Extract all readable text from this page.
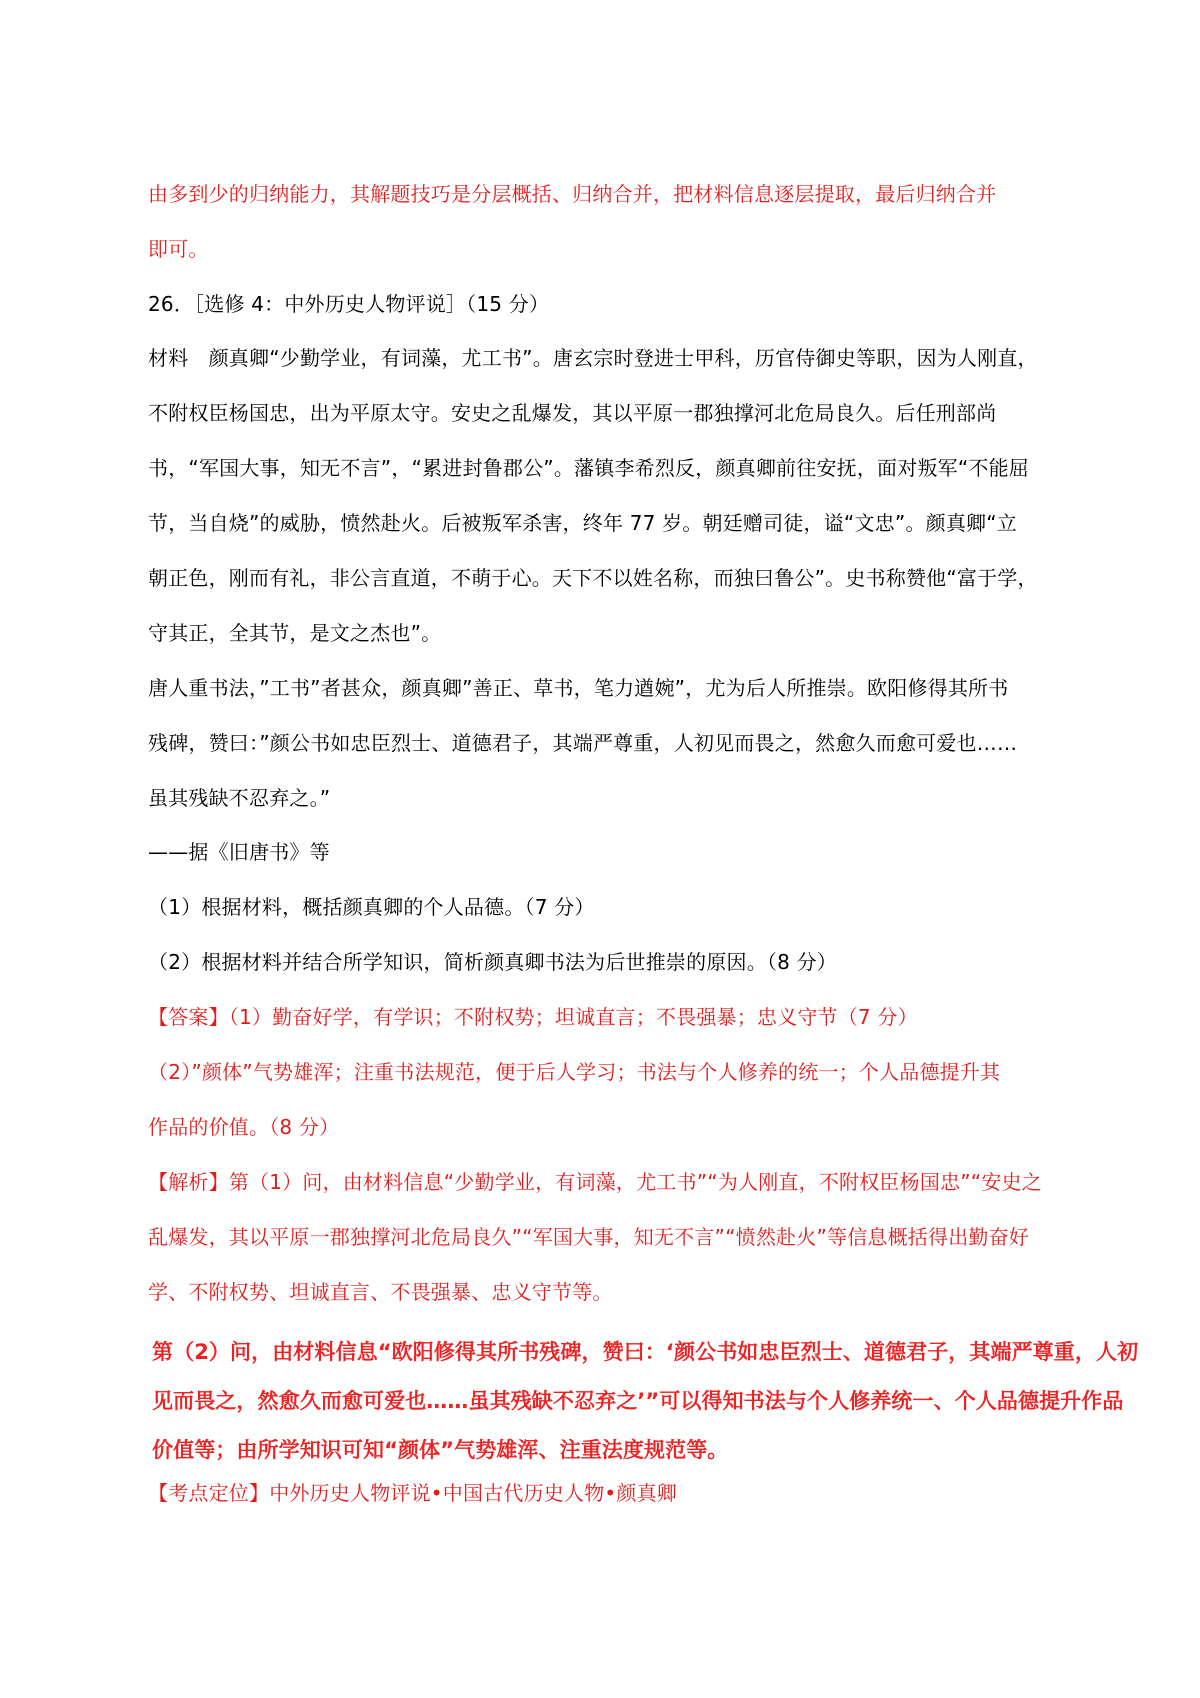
由多到少的归纳能力，其解题技巧是分层概括、归纳合并，把材料信息逐层提取，最后归纳合并
即可。
26．［选修 4：中外历史人物评说］（15 分）
材料　颜真卿“少勤学业，有词藻，尤工书”。唐玄宗时登进士甲科，历官侍御史等职，因为人刚直，
不附权臣杨国忠，出为平原太守。安史之乱爆发，其以平原一郡独撑河北危局良久。后任刑部尚
书，“军国大事，知无不言”，“累进封鲁郡公”。藩镇李希烈反，颜真卿前往安抚，面对叛军“不能屈
节，当自烧”的威胁，愤然赴火。后被叛军杀害，终年 77 岁。朝廷赠司徒，谥“文忠”。颜真卿“立
朝正色，刚而有礼，非公言直道，不萌于心。天下不以姓名称，而独曰鲁公”。史书称赞他“富于学，
守其正，全其节，是文之杰也”。
唐人重书法，”工书”者甚众，颜真卿”善正、草书，笔力遒婉”，尤为后人所推崇。欧阳修得其所书
残碑，赞曰：”颜公书如忠臣烈士、道德君子，其端严尊重，人初见而畏之，然愈久而愈可爱也……
虽其残缺不忍弃之。”
——据《旧唐书》等
（1）根据材料，概括颜真卿的个人品德。（7 分）
（2）根据材料并结合所学知识，简析颜真卿书法为后世推崇的原因。（8 分）
【答案】（1）勤奋好学，有学识；不附权势；坦诚直言；不畏强暴；忠义守节（7 分）
（2）”颜体”气势雄浑；注重书法规范，便于后人学习；书法与个人修养的统一；个人品德提升其
作品的价值。（8 分）
【解析】第（1）问，由材料信息“少勤学业，有词藻，尤工书”“为人刚直，不附权臣杨国忠”“安史之
乱爆发，其以平原一郡独撑河北危局良久”“军国大事，知无不言”“愤然赴火”等信息概括得出勤奋好
学、不附权势、坦诚直言、不畏强暴、忠义守节等。
第（2）问，由材料信息“欧阳修得其所书残碑，赞曰：‘颜公书如忠臣烈士、道德君子，其端严尊重，人初
见而畏之，然愈久而愈可爱也……虽其残缺不忍弃之’”可以得知书法与个人修养统一、个人品德提升作品
价值等；由所学知识可知“颜体”气势雄浑、注重法度规范等。
【考点定位】中外历史人物评说•中国古代历史人物•颜真卿
